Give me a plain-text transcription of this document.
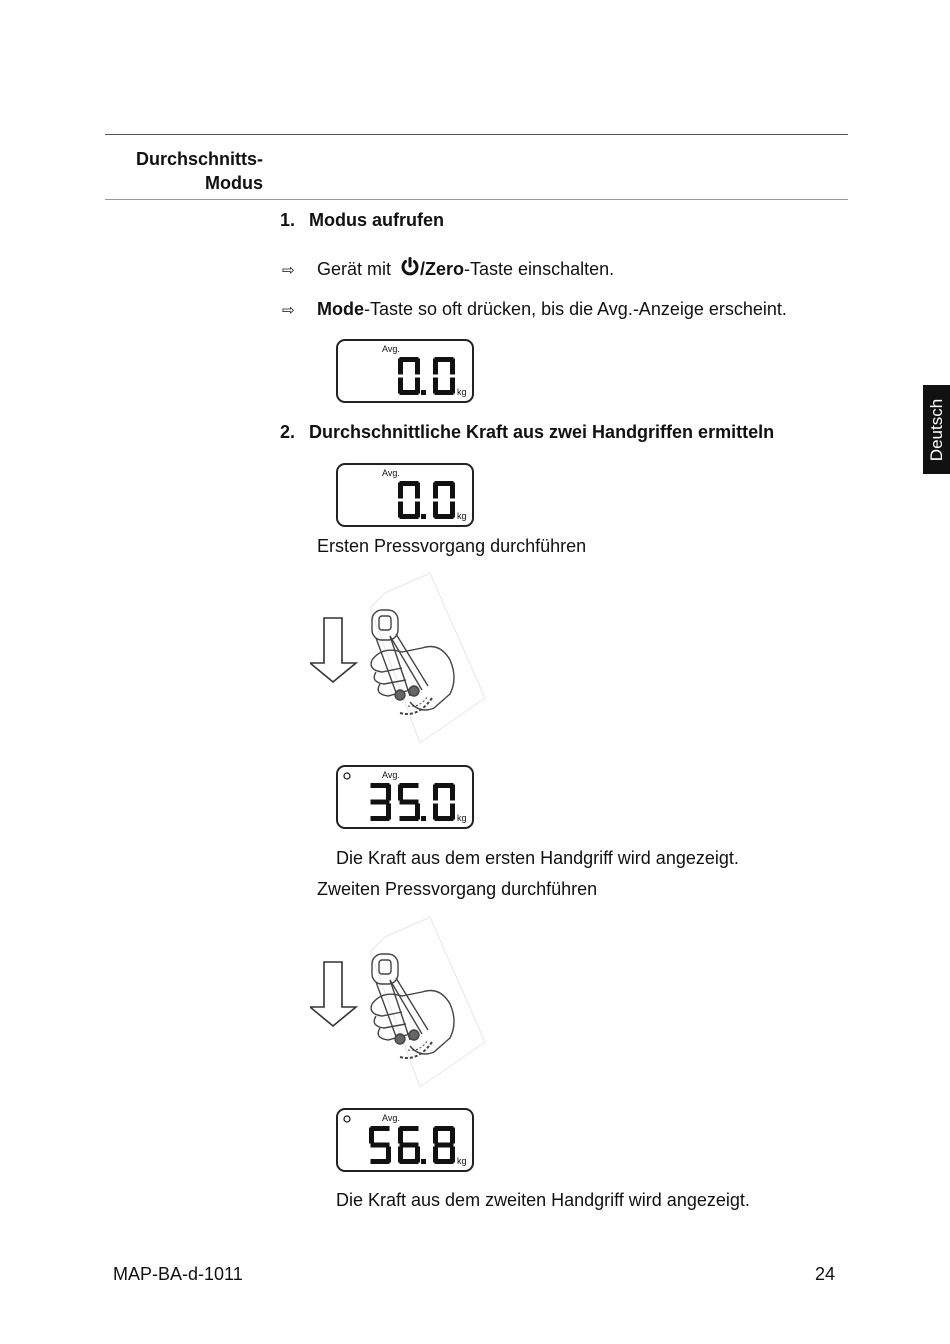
Durchschnitts-
Modus
Deutsch
1. Modus aufrufen
⇨ Gerät mit /Zero-Taste einschalten.
⇨ Mode-Taste so oft drücken, bis die Avg.-Anzeige erscheint.
Avg.
kg
2. Durchschnittliche Kraft aus zwei Handgriffen ermitteln
Avg.
kg
Ersten Pressvorgang durchführen
Avg.
kg
Die Kraft aus dem ersten Handgriff wird angezeigt.
Zweiten Pressvorgang durchführen
Avg.
kg
Die Kraft aus dem zweiten Handgriff wird angezeigt.
MAP-BA-d-1011	24
